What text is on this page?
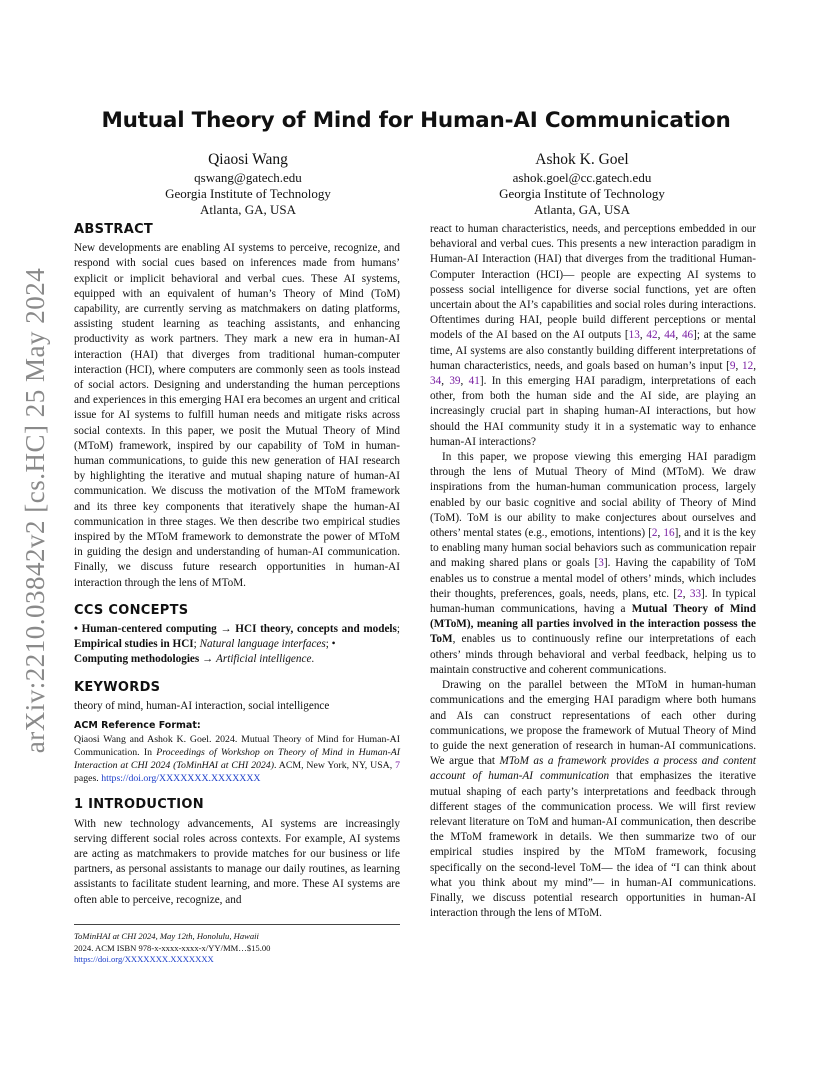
arXiv:2210.03842v2 [cs.HC] 25 May 2024
Mutual Theory of Mind for Human-AI Communication
Qiaosi Wang
qswang@gatech.edu
Georgia Institute of Technology
Atlanta, GA, USA
Ashok K. Goel
ashok.goel@cc.gatech.edu
Georgia Institute of Technology
Atlanta, GA, USA
ABSTRACT

New developments are enabling AI systems to perceive, recognize, and respond with social cues based on inferences made from humans’ explicit or implicit behavioral and verbal cues. These AI systems, equipped with an equivalent of human’s Theory of Mind (ToM) capability, are currently serving as matchmakers on dating platforms, assisting student learning as teaching assistants, and enhancing productivity as work partners. They mark a new era in human-AI interaction (HAI) that diverges from traditional human-computer interaction (HCI), where computers are commonly seen as tools instead of social actors. Designing and understanding the human perceptions and experiences in this emerging HAI era becomes an urgent and critical issue for AI systems to fulfill human needs and mitigate risks across social contexts. In this paper, we posit the Mutual Theory of Mind (MToM) framework, inspired by our capability of ToM in human-human communications, to guide this new generation of HAI research by highlighting the iterative and mutual shaping nature of human-AI communication. We discuss the motivation of the MToM framework and its three key components that iteratively shape the human-AI communication in three stages. We then describe two empirical studies inspired by the MToM framework to demonstrate the power of MToM in guiding the design and understanding of human-AI communication. Finally, we discuss future research opportunities in human-AI interaction through the lens of MToM.

CCS CONCEPTS

• Human-centered computing → HCI theory, concepts and models; Empirical studies in HCI; Natural language interfaces; •
Computing methodologies → Artificial intelligence.

KEYWORDS

theory of mind, human-AI interaction, social intelligence

ACM Reference Format:

Qiaosi Wang and Ashok K. Goel. 2024. Mutual Theory of Mind for Human-AI Communication. In Proceedings of Workshop on Theory of Mind in Human-AI Interaction at CHI 2024 (ToMinHAI at CHI 2024). ACM, New York, NY, USA, 7 pages. https://doi.org/XXXXXXX.XXXXXXX

1 INTRODUCTION

With new technology advancements, AI systems are increasingly serving different social roles across contexts. For example, AI systems are acting as matchmakers to provide matches for our business or life partners, as personal assistants to manage our daily routines, as learning assistants to facilitate student learning, and more. These AI systems are often able to perceive, recognize, and

react to human characteristics, needs, and perceptions embedded in our behavioral and verbal cues. This presents a new interaction paradigm in Human-AI Interaction (HAI) that diverges from the traditional Human-Computer Interaction (HCI)— people are expecting AI systems to possess social intelligence for diverse social functions, yet are often uncertain about the AI’s capabilities and social roles during interactions. Oftentimes during HAI, people build different perceptions or mental models of the AI based on the AI outputs [13, 42, 44, 46]; at the same time, AI systems are also constantly building different interpretations of human characteristics, needs, and goals based on human’s input [9, 12, 34, 39, 41]. In this emerging HAI paradigm, interpretations of each other, from both the human side and the AI side, are playing an increasingly crucial part in shaping human-AI interactions, but how should the HAI community study it in a systematic way to enhance human-AI interactions?

In this paper, we propose viewing this emerging HAI paradigm through the lens of Mutual Theory of Mind (MToM). We draw inspirations from the human-human communication process, largely enabled by our basic cognitive and social ability of Theory of Mind (ToM). ToM is our ability to make conjectures about ourselves and others’ mental states (e.g., emotions, intentions) [2, 16], and it is the key to enabling many human social behaviors such as communication repair and making shared plans or goals [3]. Having the capability of ToM enables us to construe a mental model of others’ minds, which includes their thoughts, preferences, goals, needs, plans, etc. [2, 33]. In typical human-human communications, having a Mutual Theory of Mind (MToM), meaning all parties involved in the interaction possess the ToM, enables us to continuously refine our interpretations of each others’ minds through behavioral and verbal feedback, helping us to maintain constructive and coherent communications.

Drawing on the parallel between the MToM in human-human communications and the emerging HAI paradigm where both humans and AIs can construct representations of each other during communications, we propose the framework of Mutual Theory of Mind to guide the next generation of research in human-AI communications. We argue that MToM as a framework provides a process and content account of human-AI communication that emphasizes the iterative mutual shaping of each party’s interpretations and feedback through different stages of the communication process. We will first review relevant literature on ToM and human-AI communication, then describe the MToM framework in details. We then summarize two of our empirical studies inspired by the MToM framework, focusing specifically on the second-level ToM— the idea of “I can think about what you think about my mind”— in human-AI communications. Finally, we discuss potential research opportunities in human-AI interaction through the lens of MToM.

ToMinHAI at CHI 2024, May 12th, Honolulu, Hawaii
2024. ACM ISBN 978-x-xxxx-xxxx-x/YY/MM…$15.00
https://doi.org/XXXXXXX.XXXXXXX
